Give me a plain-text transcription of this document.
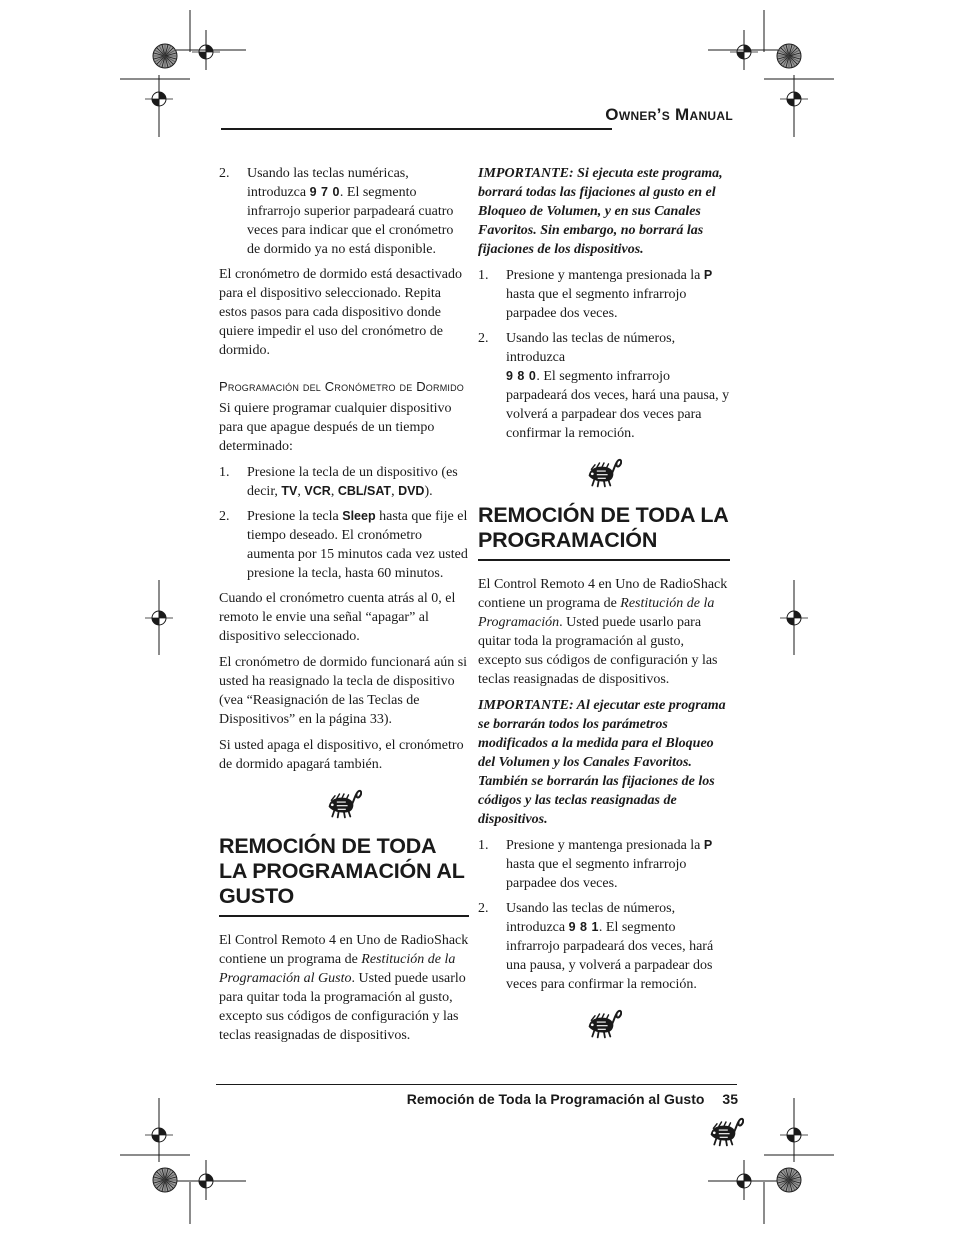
Owner’s Manual
2. Usando las teclas numéricas, introduzca 9 7 0. El segmento infrarrojo superior parpadeará cuatro veces para indicar que el cronómetro de dormido ya no está disponible.

El cronómetro de dormido está desactivado para el dispositivo seleccionado. Repita estos pasos para cada dispositivo donde quiere impedir el uso del cronómetro de dormido.

Programación del Cronómetro de Dormido

Si quiere programar cualquier dispositivo para que apague después de un tiempo determinado:

1. Presione la tecla de un dispositivo (es decir, TV, VCR, CBL/SAT, DVD).
2. Presione la tecla Sleep hasta que fije el tiempo deseado. El cronómetro aumenta por 15 minutos cada vez usted presione la tecla, hasta 60 minutos.

Cuando el cronómetro cuenta atrás al 0, el remoto le envie una señal “apagar” al dispositivo seleccionado.

El cronómetro de dormido funcionará aún si usted ha reasignado la tecla de dispositivo (vea “Reasignación de las Teclas de Dispositivos” en la página 33).

Si usted apaga el dispositivo, el cronómetro de dormido apagará también.

REMOCIÓN DE TODA LA PROGRAMACIÓN AL GUSTO

El Control Remoto 4 en Uno de RadioShack contiene un programa de Restitución de la Programación al Gusto. Usted puede usarlo para quitar toda la programación al gusto, excepto sus códigos de configuración y las teclas reasignadas de dispositivos.

IMPORTANTE: Si ejecuta este programa, borrará todas las fijaciones al gusto en el Bloqueo de Volumen, y en sus Canales Favoritos. Sin embargo, no borrará las fijaciones de los dispositivos.

1. Presione y mantenga presionada la P hasta que el segmento infrarrojo parpadee dos veces.
2. Usando las teclas de números, introduzca
9 8 0. El segmento infrarrojo parpadeará dos veces, hará una pausa, y volverá a parpadear dos veces para confirmar la remoción.
REMOCIÓN DE TODA LA PROGRAMACIÓN

El Control Remoto 4 en Uno de RadioShack contiene un programa de Restitución de la Programación. Usted puede usarlo para quitar toda la programación al gusto, excepto sus códigos de configuración y las teclas reasignadas de dispositivos.

IMPORTANTE: Al ejecutar este programa se borrarán todos los parámetros modificados a la medida para el Bloqueo del Volumen y los Canales Favoritos. También se borrarán las fijaciones de los códigos y las teclas reasignadas de dispositivos.

1. Presione y mantenga presionada la P hasta que el segmento infrarrojo parpadee dos veces.
2. Usando las teclas de números, introduzca 9 8 1. El segmento infrarrojo parpadeará dos veces, hará una pausa, y volverá a parpadear dos veces para confirmar la remoción.
Remoción de Toda la Programación al Gusto 35
